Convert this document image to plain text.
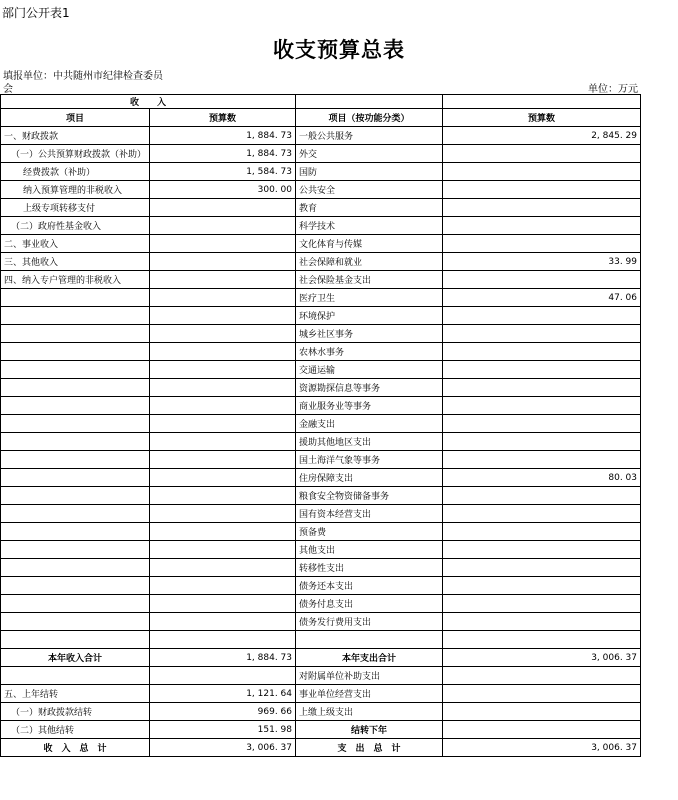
部门公开表1
收支预算总表
填报单位：中共随州市纪律检查委员会	单位：万元
收　　入			
项目	预算数	项目（按功能分类）	预算数
一、财政拨款	1, 884. 73	一般公共服务	2, 845. 29
（一）公共预算财政拨款（补助）	1, 884. 73	外交	
经费拨款（补助）	1, 584. 73	国防	
纳入预算管理的非税收入	300. 00	公共安全	
上级专项转移支付		教育	
（二）政府性基金收入		科学技术	
二、事业收入		文化体育与传媒	
三、其他收入		社会保障和就业	33. 99
四、纳入专户管理的非税收入		社会保险基金支出	
		医疗卫生	47. 06
		环境保护	
		城乡社区事务	
		农林水事务	
		交通运输	
		资源勘探信息等事务	
		商业服务业等事务	
		金融支出	
		援助其他地区支出	
		国土海洋气象等事务	
		住房保障支出	80. 03
		粮食安全物资储备事务	
		国有资本经营支出	
		预备费	
		其他支出	
		转移性支出	
		债务还本支出	
		债务付息支出	
		债务发行费用支出	

本年收入合计	1, 884. 73	本年支出合计	3, 006. 37
		对附属单位补助支出	
五、上年结转	1, 121. 64	事业单位经营支出	
（一）财政拨款结转	969. 66	上缴上级支出	
（二）其他结转	151. 98	结转下年	
收　入　总　计	3, 006. 37	支　出　总　计	3, 006. 37
